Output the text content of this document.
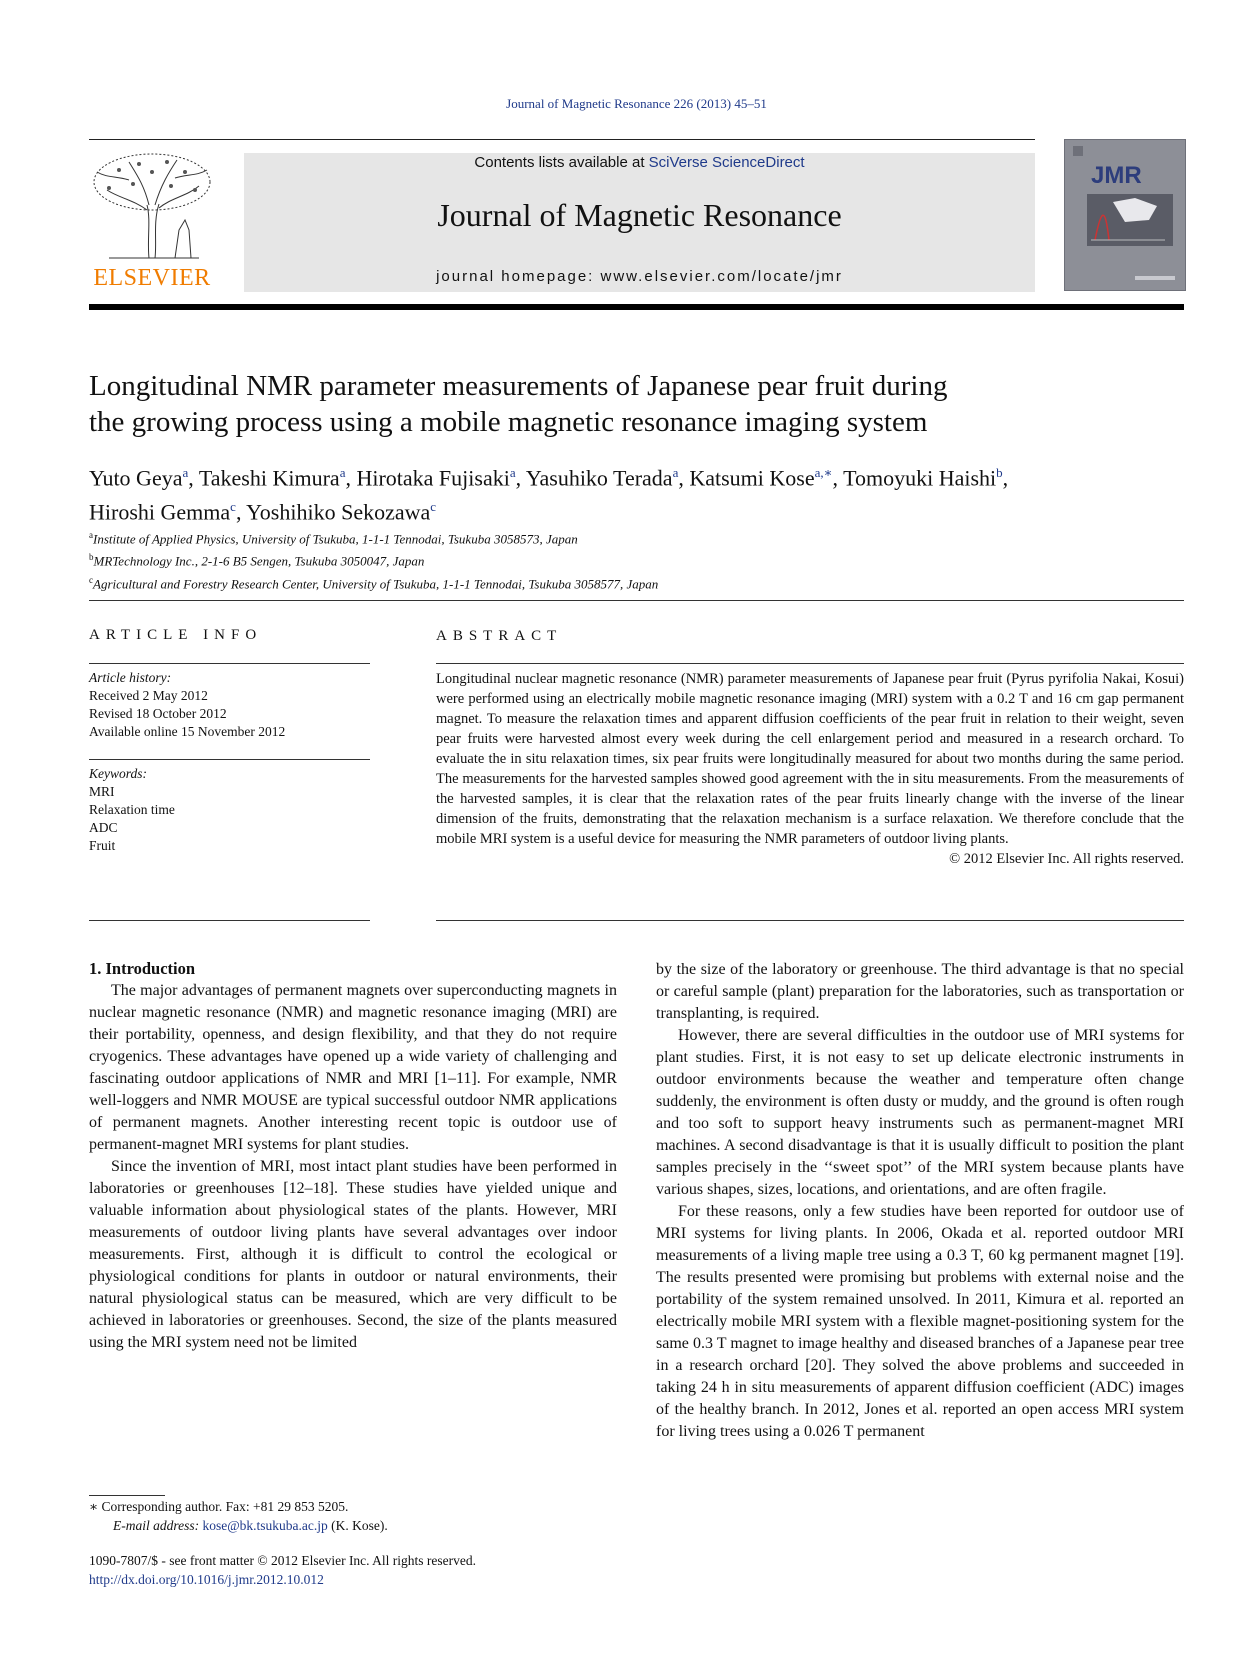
Journal of Magnetic Resonance 226 (2013) 45–51
ELSEVIER
Contents lists available at SciVerse ScienceDirect
Journal of Magnetic Resonance
journal homepage: www.elsevier.com/locate/jmr
JMR
Longitudinal NMR parameter measurements of Japanese pear fruit during
the growing process using a mobile magnetic resonance imaging system
Yuto Geya$^a$, Takeshi Kimura$^a$, Hirotaka Fujisaki$^a$, Yasuhiko Terada$^a$, Katsumi Kose$^{a,∗}$, Tomoyuki Haishi$^b$,
Hiroshi Gemma$^c$, Yoshihiko Sekozawa$^c$
$^a$Institute of Applied Physics, University of Tsukuba, 1-1-1 Tennodai, Tsukuba 3058573, Japan
$^b$MRTechnology Inc., 2-1-6 B5 Sengen, Tsukuba 3050047, Japan
$^c$Agricultural and Forestry Research Center, University of Tsukuba, 1-1-1 Tennodai, Tsukuba 3058577, Japan
ARTICLE INFO
Article history:
Received 2 May 2012
Revised 18 October 2012
Available online 15 November 2012
Keywords:
MRI
Relaxation time
ADC
Fruit
ABSTRACT

Longitudinal nuclear magnetic resonance (NMR) parameter measurements of Japanese pear fruit (Pyrus pyrifolia Nakai, Kosui) were performed using an electrically mobile magnetic resonance imaging (MRI) system with a 0.2 T and 16 cm gap permanent magnet. To measure the relaxation times and apparent diffusion coefficients of the pear fruit in relation to their weight, seven pear fruits were harvested almost every week during the cell enlargement period and measured in a research orchard. To evaluate the in situ relaxation times, six pear fruits were longitudinally measured for about two months during the same period. The measurements for the harvested samples showed good agreement with the in situ measurements. From the measurements of the harvested samples, it is clear that the relaxation rates of the pear fruits linearly change with the inverse of the linear dimension of the fruits, demonstrating that the relaxation mechanism is a surface relaxation. We therefore conclude that the mobile MRI system is a useful device for measuring the NMR parameters of outdoor living plants.

© 2012 Elsevier Inc. All rights reserved.

1. Introduction

The major advantages of permanent magnets over superconducting magnets in nuclear magnetic resonance (NMR) and magnetic resonance imaging (MRI) are their portability, openness, and design flexibility, and that they do not require cryogenics. These advantages have opened up a wide variety of challenging and fascinating outdoor applications of NMR and MRI [1–11]. For example, NMR well-loggers and NMR MOUSE are typical successful outdoor NMR applications of permanent magnets. Another interesting recent topic is outdoor use of permanent-magnet MRI systems for plant studies.

Since the invention of MRI, most intact plant studies have been performed in laboratories or greenhouses [12–18]. These studies have yielded unique and valuable information about physiological states of the plants. However, MRI measurements of outdoor living plants have several advantages over indoor measurements. First, although it is difficult to control the ecological or physiological conditions for plants in outdoor or natural environments, their natural physiological status can be measured, which are very difficult to be achieved in laboratories or greenhouses. Second, the size of the plants measured using the MRI system need not be limited

by the size of the laboratory or greenhouse. The third advantage is that no special or careful sample (plant) preparation for the laboratories, such as transportation or transplanting, is required.

However, there are several difficulties in the outdoor use of MRI systems for plant studies. First, it is not easy to set up delicate electronic instruments in outdoor environments because the weather and temperature often change suddenly, the environment is often dusty or muddy, and the ground is often rough and too soft to support heavy instruments such as permanent-magnet MRI machines. A second disadvantage is that it is usually difficult to position the plant samples precisely in the ‘‘sweet spot’’ of the MRI system because plants have various shapes, sizes, locations, and orientations, and are often fragile.

For these reasons, only a few studies have been reported for outdoor use of MRI systems for living plants. In 2006, Okada et al. reported outdoor MRI measurements of a living maple tree using a 0.3 T, 60 kg permanent magnet [19]. The results presented were promising but problems with external noise and the portability of the system remained unsolved. In 2011, Kimura et al. reported an electrically mobile MRI system with a flexible magnet-positioning system for the same 0.3 T magnet to image healthy and diseased branches of a Japanese pear tree in a research orchard [20]. They solved the above problems and succeeded in taking 24 h in situ measurements of apparent diffusion coefficient (ADC) images of the healthy branch. In 2012, Jones et al. reported an open access MRI system for living trees using a 0.026 T permanent

∗ Corresponding author. Fax: +81 29 853 5205.
E-mail address: kose@bk.tsukuba.ac.jp (K. Kose).
1090-7807/$ - see front matter © 2012 Elsevier Inc. All rights reserved.
http://dx.doi.org/10.1016/j.jmr.2012.10.012
